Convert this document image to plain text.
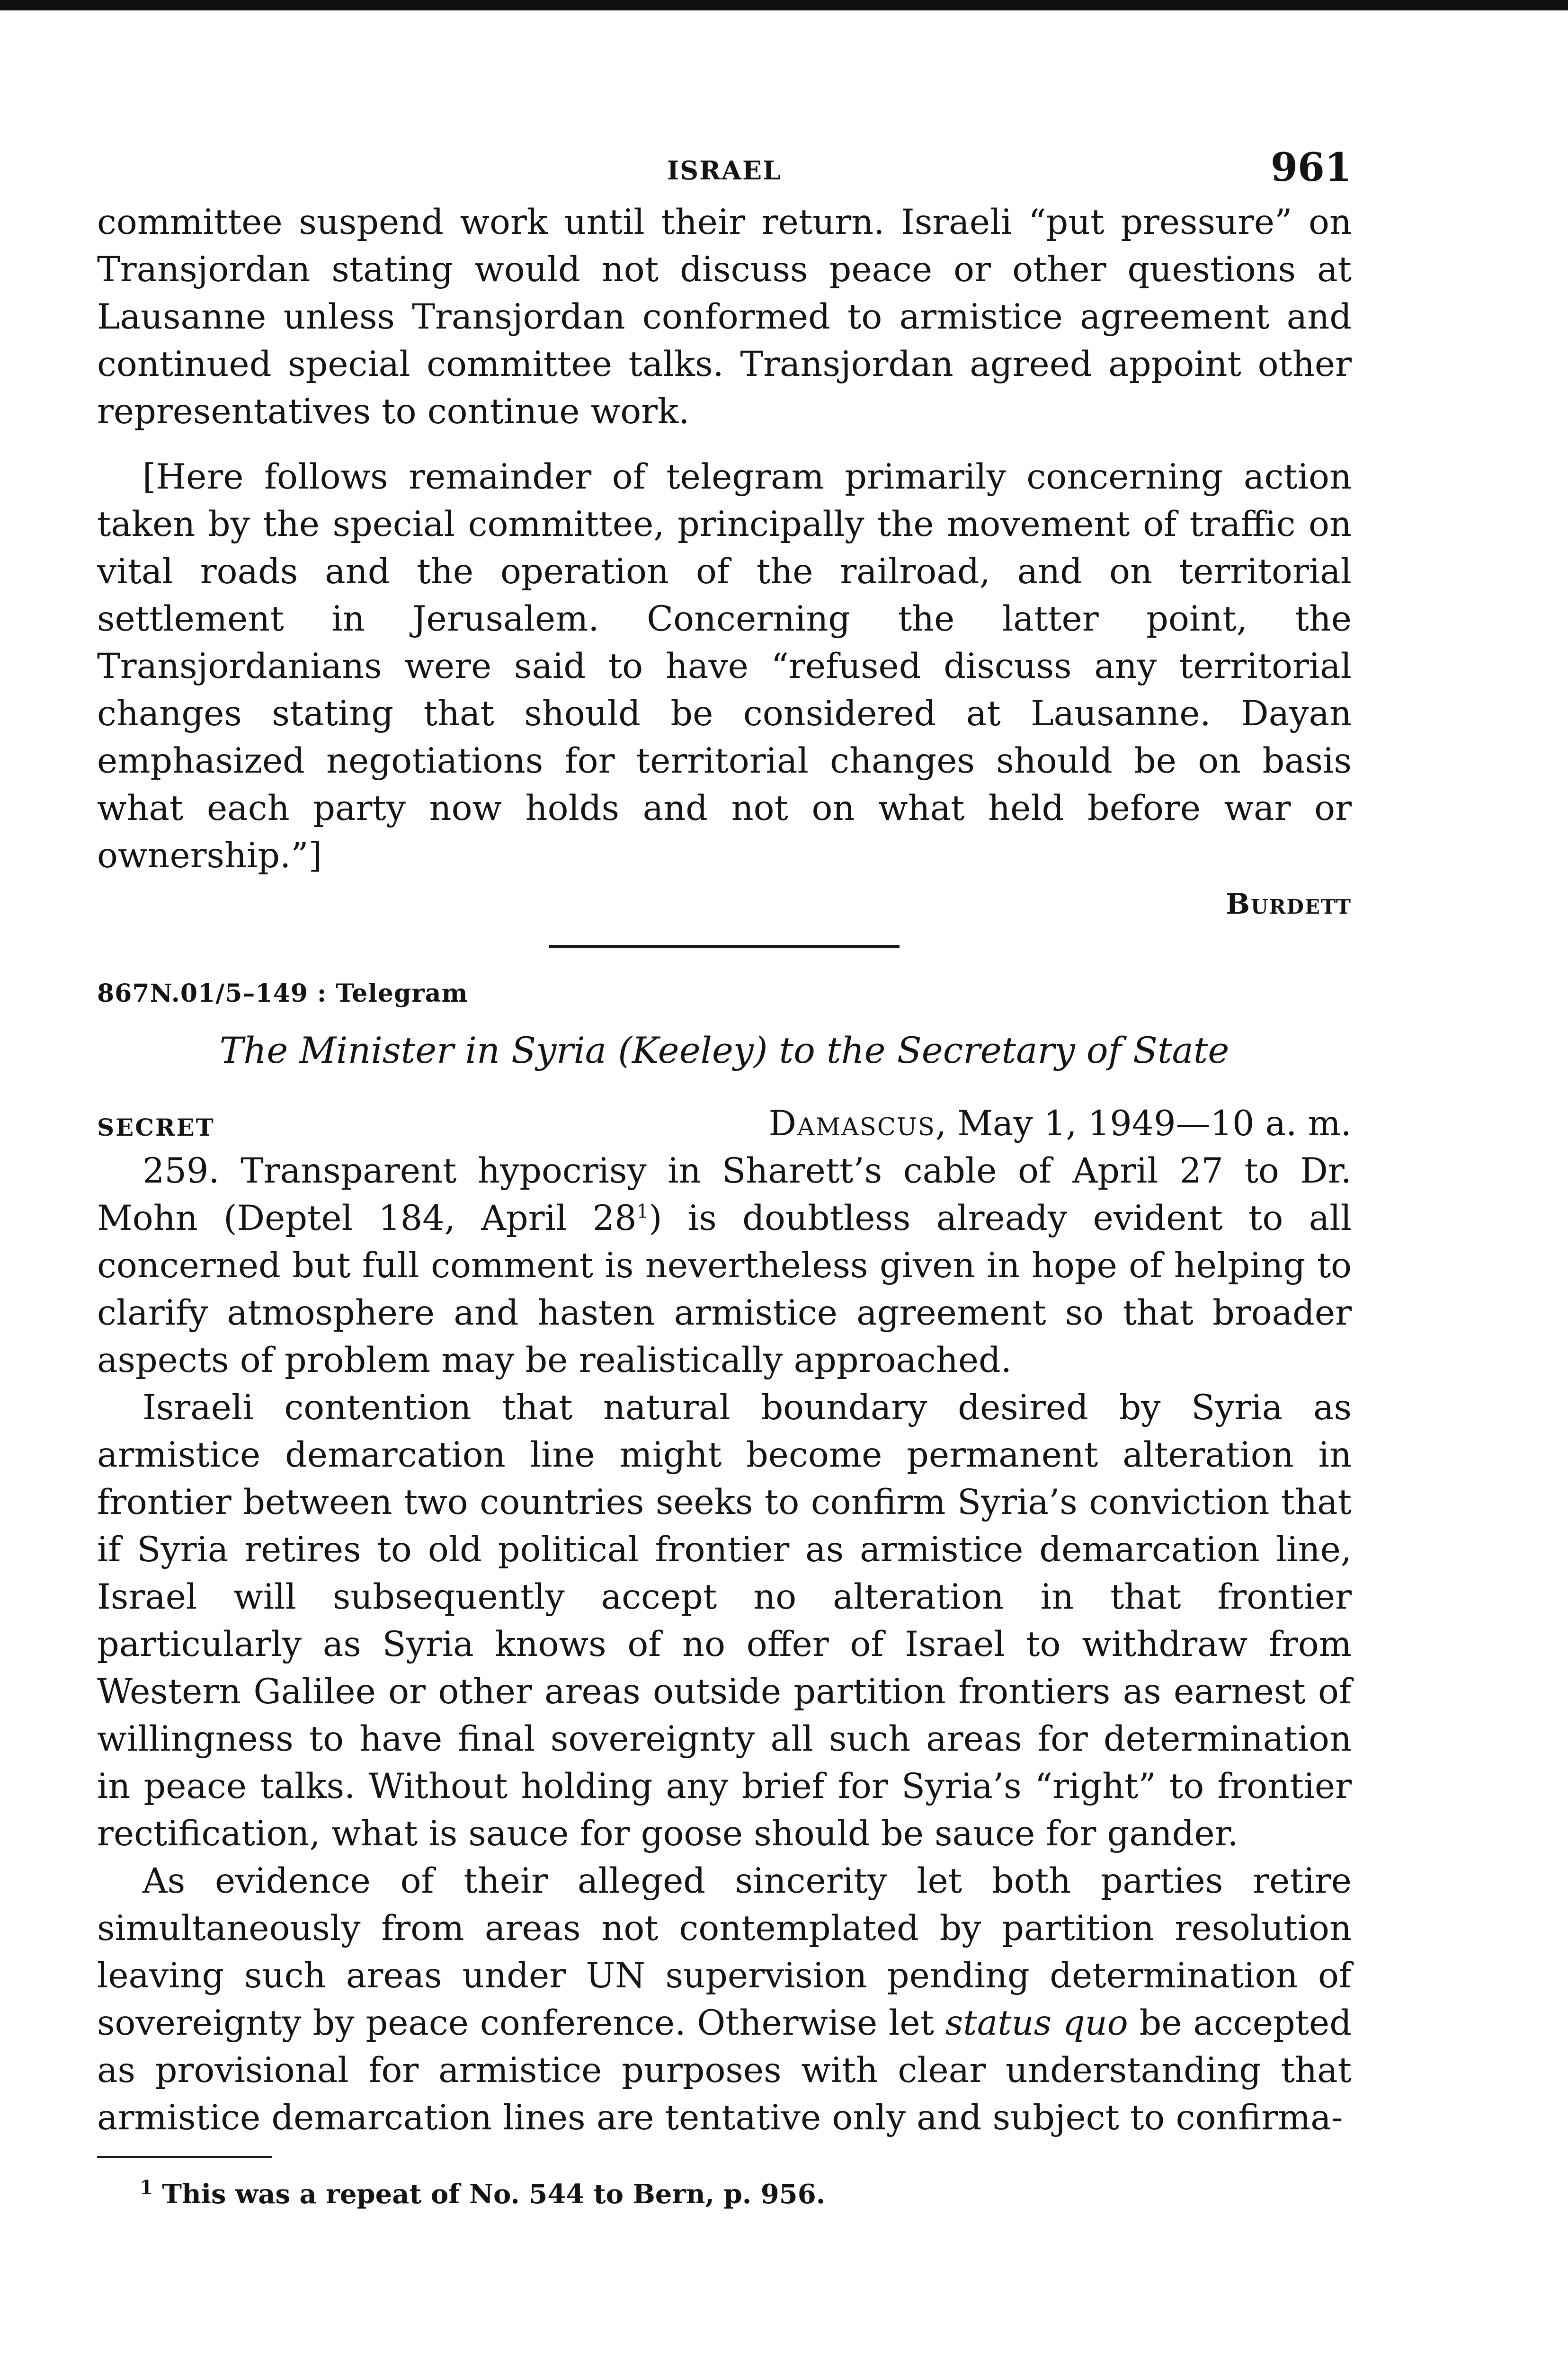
ISRAEL	961

committee suspend work until their return. Israeli “put pressure” on Transjordan stating would not discuss peace or other questions at Lausanne unless Transjordan conformed to armistice agreement and continued special committee talks. Transjordan agreed appoint other representatives to continue work.

[Here follows remainder of telegram primarily concerning action taken by the special committee, principally the movement of traffic on vital roads and the operation of the railroad, and on territorial settlement in Jerusalem. Concerning the latter point, the Transjordanians were said to have “refused discuss any territorial changes stating that should be considered at Lausanne. Dayan emphasized negotiations for territorial changes should be on basis what each party now holds and not on what held before war or ownership.”]

Burdett
867N.01/5–149 : Telegram
The Minister in Syria (Keeley) to the Secretary of State
SECRET	Damascus, May 1, 1949—10 a. m.

259. Transparent hypocrisy in Sharett’s cable of April 27 to Dr. Mohn (Deptel 184, April $28^1$) is doubtless already evident to all concerned but full comment is nevertheless given in hope of helping to clarify atmosphere and hasten armistice agreement so that broader aspects of problem may be realistically approached.

Israeli contention that natural boundary desired by Syria as armistice demarcation line might become permanent alteration in frontier between two countries seeks to confirm Syria’s conviction that if Syria retires to old political frontier as armistice demarcation line, Israel will subsequently accept no alteration in that frontier particularly as Syria knows of no offer of Israel to withdraw from Western Galilee or other areas outside partition frontiers as earnest of willingness to have final sovereignty all such areas for determination in peace talks. Without holding any brief for Syria’s “right” to frontier rectification, what is sauce for goose should be sauce for gander.

As evidence of their alleged sincerity let both parties retire simultaneously from areas not contemplated by partition resolution leaving such areas under UN supervision pending determination of sovereignty by peace conference. Otherwise let status quo be accepted as provisional for armistice purposes with clear understanding that armistice demarcation lines are tentative only and subject to confirma-

$^1$ This was a repeat of No. 544 to Bern, p. 956.
